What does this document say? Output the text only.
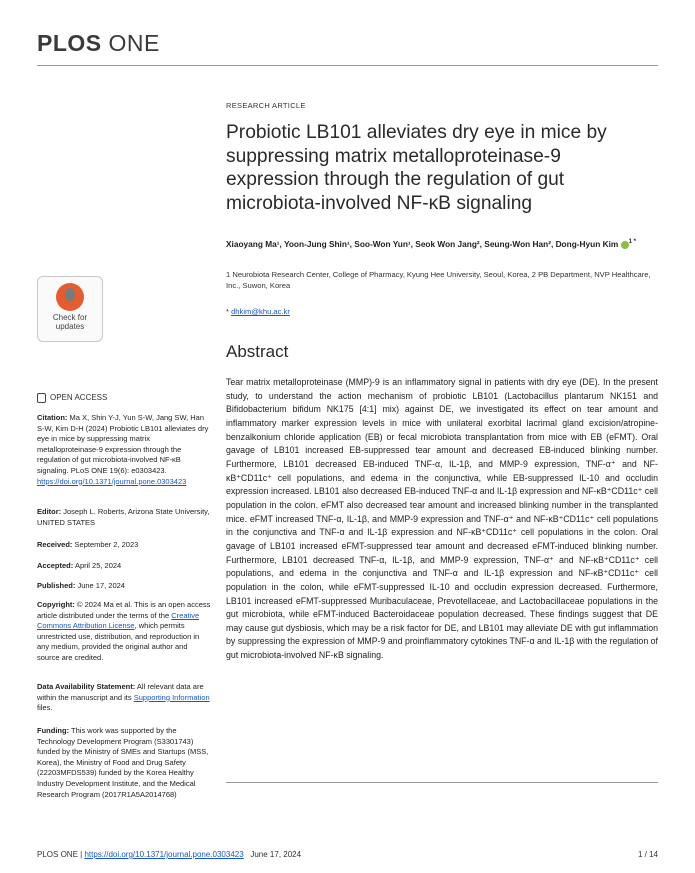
PLOS ONE
Check for
updates
OPEN ACCESS
Citation: Ma X, Shin Y-J, Yun S-W, Jang SW, Han S-W, Kim D-H (2024) Probiotic LB101 alleviates dry eye in mice by suppressing matrix metalloproteinase-9 expression through the regulation of gut microbiota-involved NF-κB signaling. PLoS ONE 19(6): e0303423. https://doi.org/10.1371/journal.pone.0303423
Editor: Joseph L. Roberts, Arizona State University, UNITED STATES
Received: September 2, 2023
Accepted: April 25, 2024
Published: June 17, 2024
Copyright: © 2024 Ma et al. This is an open access article distributed under the terms of the Creative Commons Attribution License, which permits unrestricted use, distribution, and reproduction in any medium, provided the original author and source are credited.
Data Availability Statement: All relevant data are within the manuscript and its Supporting Information files.
Funding: This work was supported by the Technology Development Program (S3301743) funded by the Ministry of SMEs and Startups (MSS, Korea), the Ministry of Food and Drug Safety (22203MFDS539) funded by the Korea Healthy Industry Development Institute, and the Medical Research Program (2017R1A5A2014768)
RESEARCH ARTICLE
Probiotic LB101 alleviates dry eye in mice by suppressing matrix metalloproteinase-9 expression through the regulation of gut microbiota-involved NF-κB signaling
Xiaoyang Ma¹, Yoon-Jung Shin¹, Soo-Won Yun¹, Seok Won Jang², Seung-Won Han², Dong-Hyun Kim $^{1 *}$
1 Neurobiota Research Center, College of Pharmacy, Kyung Hee University, Seoul, Korea, 2 PB Department, NVP Healthcare, Inc., Suwon, Korea
* dhkim@khu.ac.kr
Abstract
Tear matrix metalloproteinase (MMP)-9 is an inflammatory signal in patients with dry eye (DE). In the present study, to understand the action mechanism of probiotic LB101 (Lactobacillus plantarum NK151 and Bifidobacterium bifidum NK175 [4:1] mix) against DE, we investigated its effect on tear amount and inflammatory marker expression levels in mice with unilateral exorbital lacrimal gland excision/atropine-benzalkonium chloride application (EB) or fecal microbiota transplantation from mice with EB (eFMT). Oral gavage of LB101 increased EB-suppressed tear amount and decreased EB-induced blinking number. Furthermore, LB101 decreased EB-induced TNF-α, IL-1β, and MMP-9 expression, TNF-α⁺ and NF-κB⁺CD11c⁺ cell populations, and edema in the conjunctiva, while EB-suppressed IL-10 and occludin expression increased. LB101 also decreased EB-induced TNF-α and IL-1β expression and NF-κB⁺CD11c⁺ cell population in the colon. eFMT also decreased tear amount and increased blinking number in the transplanted mice. eFMT increased TNF-α, IL-1β, and MMP-9 expression and TNF-α⁺ and NF-κB⁺CD11c⁺ cell populations in the conjunctiva and TNF-α and IL-1β expression and NF-κB⁺CD11c⁺ cell populations in the colon. Oral gavage of LB101 increased eFMT-suppressed tear amount and decreased eFMT-induced blinking number. Furthermore, LB101 decreased TNF-α, IL-1β, and MMP-9 expression, TNF-α⁺ and NF-κB⁺CD11c⁺ cell populations, and edema in the conjunctiva and TNF-α and IL-1β expression and NF-κB⁺CD11c⁺ cell population in the colon, while eFMT-suppressed IL-10 and occludin expression decreased. Furthermore, LB101 increased eFMT-suppressed Muribaculaceae, Prevotellaceae, and Lactobacillaceae populations in the gut microbiota, while eFMT-induced Bacteroidaceae population decreased. These findings suggest that DE may cause gut dysbiosis, which may be a risk factor for DE, and LB101 may alleviate DE with gut inflammation by suppressing the expression of MMP-9 and proinflammatory cytokines TNF-α and IL-1β with the regulation of gut microbiota-involved NF-κB signaling.
PLOS ONE | https://doi.org/10.1371/journal.pone.0303423 June 17, 2024	1 / 14
